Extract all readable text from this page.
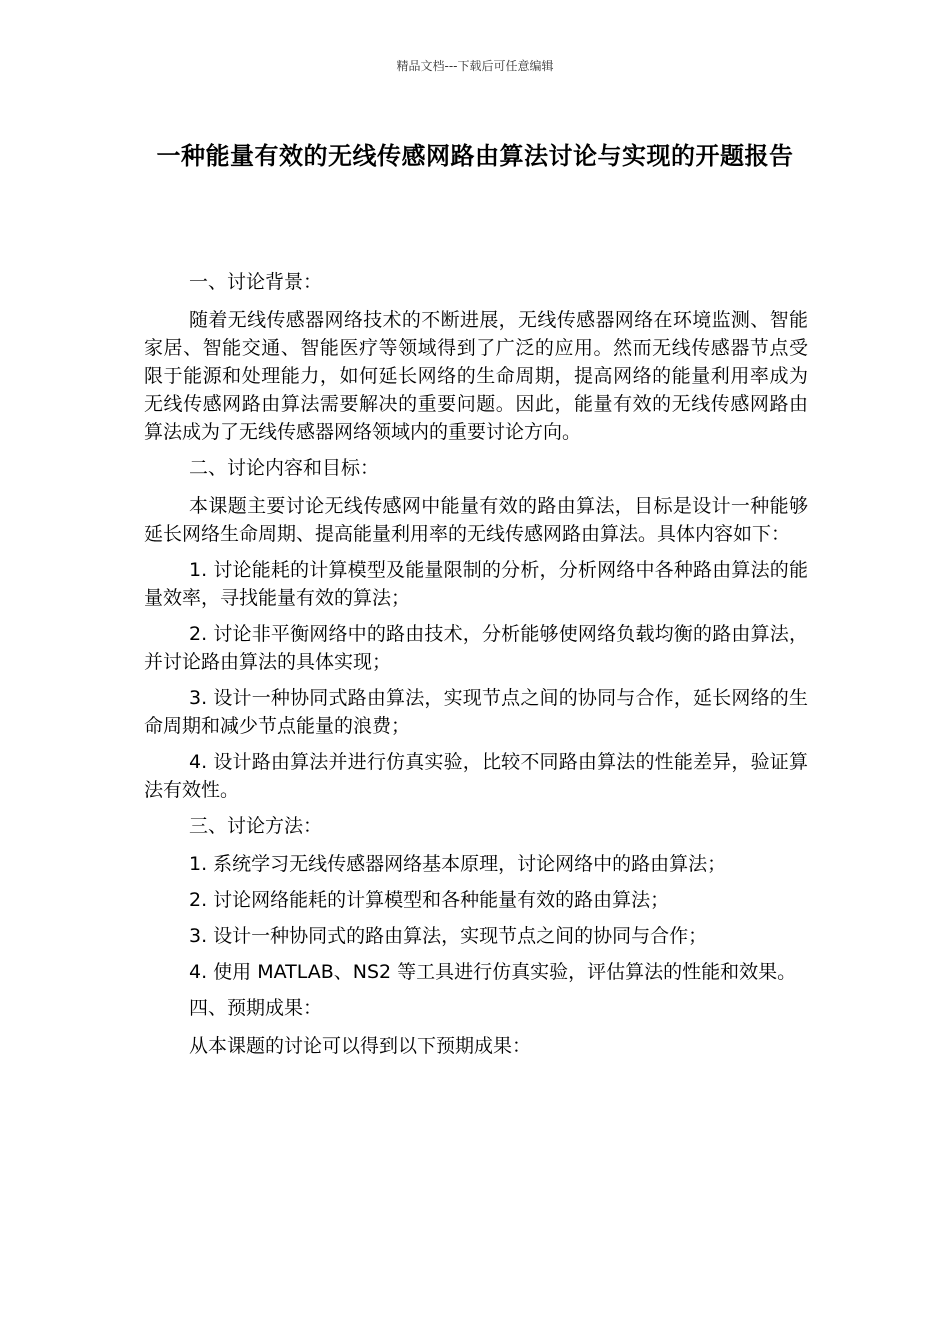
精品文档---下载后可任意编辑
一种能量有效的无线传感网路由算法讨论与实现的开题报告

一、讨论背景：

随着无线传感器网络技术的不断进展，无线传感器网络在环境监测、智能家居、智能交通、智能医疗等领域得到了广泛的应用。然而无线传感器节点受限于能源和处理能力，如何延长网络的生命周期，提高网络的能量利用率成为无线传感网路由算法需要解决的重要问题。因此，能量有效的无线传感网路由算法成为了无线传感器网络领域内的重要讨论方向。

二、讨论内容和目标：

本课题主要讨论无线传感网中能量有效的路由算法，目标是设计一种能够延长网络生命周期、提高能量利用率的无线传感网路由算法。具体内容如下：

1. 讨论能耗的计算模型及能量限制的分析，分析网络中各种路由算法的能量效率，寻找能量有效的算法；

2. 讨论非平衡网络中的路由技术，分析能够使网络负载均衡的路由算法，并讨论路由算法的具体实现；

3. 设计一种协同式路由算法，实现节点之间的协同与合作，延长网络的生命周期和减少节点能量的浪费；

4. 设计路由算法并进行仿真实验，比较不同路由算法的性能差异，验证算法有效性。

三、讨论方法：

1. 系统学习无线传感器网络基本原理，讨论网络中的路由算法；

2. 讨论网络能耗的计算模型和各种能量有效的路由算法；

3. 设计一种协同式的路由算法，实现节点之间的协同与合作；

4. 使用 MATLAB、NS2 等工具进行仿真实验，评估算法的性能和效果。

四、预期成果：

从本课题的讨论可以得到以下预期成果：
